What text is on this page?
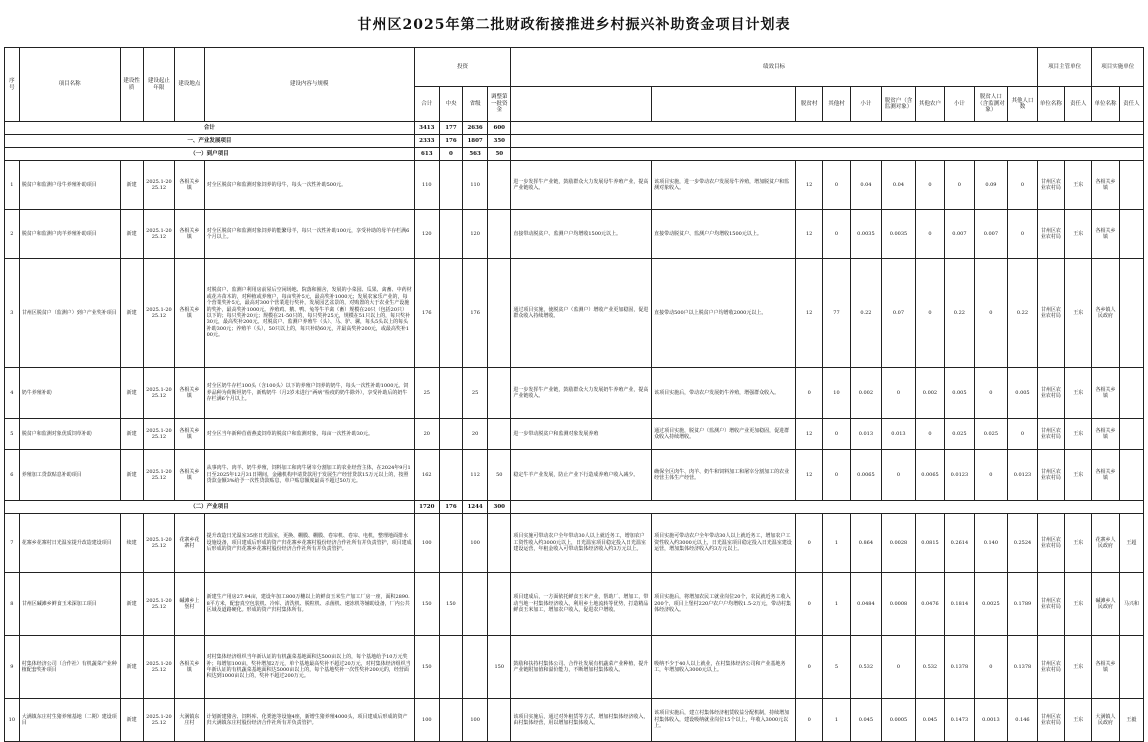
甘州区2025年第二批财政衔接推进乡村振兴补助资金项目计划表
序号	项目名称	建设性质	建设起止年限	建设地点	建设内容与规模	投资				绩效目标										项目主管单位		项目实施单位	
						合计	中央	省级	调整第一批资金			脱贫村	其他村	小计	脱贫户（含监测对象）	其他农户	小计	脱贫人口（含监测对象）	其他人口数	单位名称	责任人	单位名称	责任人
合计						3413	177	2636	600														
一、产业发展项目						2333	176	1807	350														
（一）到户项目						613	0	563	50														
1	脱贫户和监测户母牛养殖补助项目	新建	2025.1-2025.12	各相关乡镇	对全区脱贫户和监测对象饲养的母牛，每头一次性补助500元。	110		110		进一步发挥牛产业链，鼓励群众大力发展母牛养殖产业，提高产业链收入。	该项目实施，进一步带动农户发展母牛养殖，增加脱贫户和监测对象收入。	12	0	0.04	0.04	0	0	0.09	0	甘州区农业农村局	王东	各相关乡镇	
2	脱贫户和监测户肉羊养殖补助项目	新建	2025.1-2025.12	各相关乡镇	对全区脱贫户和监测对象饲养的能繁母羊，每只一次性补助100元，享受补助的母羊存栏满6个月以上。	120		120		直接带动脱贫户、监测户户均增收1500元以上。	直接带动脱贫户、监测户户均增收1500元以上。	12	0	0.0035	0.0035	0	0.007	0.007	0	甘州区农业农村局	王东	各相关乡镇	
3	甘州区脱贫户（监测户）到户产业奖补项目	新建	2025.1-2025.12	各相关乡镇	对脱贫户、监测户利用房前屋后空闲场地、院落和圈舍，发展的小菜园、瓜果、禽畜、中药材或花卉苗木的，对种植或养殖户，每亩奖补5元，最高奖补1000元；发展农家乐产业的，每个营業奖补5元，最高对300个营業进行奖补，发展园艺盆景的，对购置的大于农业生产设施的奖补，最高奖补1000元。养殖鸡、鹅、鸭、兔等牛羊禽（畜）规模在20只（包括20只）以下的；每只奖补20元；规模在21-50只的，每只奖补25元，规模在51只以上的，每只奖补30元，最高奖补200元。对脱贫户、监测户养殖牛（头）、马、驴、骡，每头5头以上的每头补助300元；养殖羊（头），50只以上的，每只补助60元，并最高奖补200元，或最高奖补100元。	176		176		通过项目实施，使脱贫户（监测户）增收产业更加稳固，促进群众收入持续增收。	直接带动500户以上脱贫户户均增收2000元以上。	12	77	0.22	0.07	0	0.22	0	0.22	甘州区农业农村局	王东	各乡镇人民政府	
4	奶牛养殖补助	新建	2025.1-2025.12	各相关乡镇	对全区奶牛存栏100头（含100头）以下的养殖户饲养的奶牛，每头一次性补助1000元。饲养品种为荷斯坦奶牛，新购奶牛（月2岁未进行“两病”检疫的奶牛除外），享受补助后的奶牛存栏满6个月以上。	25		25		进一步发挥牛产业链，鼓励群众大力发展奶牛养殖产业，提高产业链收入。	该项目实施后，带动农户发展奶牛养殖，增强群众收入。	0	10	0.002	0	0.002	0.005	0	0.005	甘州区农业农村局	王东	各相关乡镇	
5	脱贫户和监测对象优质饲草补助	新建	2025.1-2025.12	各相关乡镇	对全区当年新种苜蓿燕麦饲草的脱贫户和监测对象，每亩一次性补助30元。	20		20		进一步带动脱贫户和监测对象发展养殖	通过项目实施，脱贫户（监测户）增收产业更加稳固，促进群众收入持续增收。	12	0	0.013	0.013	0	0.025	0.025	0	甘州区农业农村局	王东	各相关乡镇	
6	养殖加工贷款贴息补助项目	新建	2025.1-2025.12	各相关乡镇	从事肉牛、肉羊、奶牛养殖，饲料加工和肉牛屠宰分割加工的农业经营主体，在2024年9月1日至2025年12月31日期间，金融机构申请贷款用于发展生产经营贷款15万元以上的，按照贷款金额3%给予一次性贷款贴息，单户贴息额度最高不超过50万元。	162		112	50	稳定牛羊产业发展，防止产业下行造成养殖户收入减少。	确保全区肉牛、肉羊、奶牛和饲料加工和屠宰分割加工的农业经营主体生产经营。	12	0	0.0065	0	0.0065	0.0123	0	0.0123	甘州区农业农村局	王东	各相关乡镇	
（二）产业项目						1720	176	1244	300														
7	花寨乡花寨村日光温室提升改造建设项目	续建	2025.1-2025.12	花寨乡花寨村	提升改造日光温室35座日光温室，更换、棚膜、棚膜、卷帘机、卷帘、电机，整理地面排水设施设备，项目建成后形成的资产归花寨乡花寨村股份经济合作社所有并负责管护，项目建成后形成的资产归花寨乡花寨村股份经济合作社所有并负责管护。	100		100		项目实施可带动农户全年带动30人以上就近务工，增加农户工资性收入约3000元以上，日光温室项目稳定投入日光温室建设运营，年租金收入可带动集体经济收入约3万元以上。	项目实施可带动农户全年带动30人以上就近务工，增加农户工资性收入约3000元以上，日光温室项目稳定投入日光温室建设运营，增加集体经济收入约3万元以上。	0	1	0.864	0.0028	0.0815	0.2614	0.140	0.2524	甘州区农业农村局	王东	花寨乡人民政府	王超
8	甘州区碱滩乡鲜食玉米深加工项目	新建	2025.1-2025.12	碱滩乡上堡村	新建生产用房27.94亩，建设年加工800万穗以上的鲜食玉米生产加工厂房一座，面积2890.8平方米，配套真空包装机、冷库、清洗机、脱粒机、杀菌机、速冻机等辅助设备，厂内公共区域及道路硬化。形成的资产归村集体所有。	150	150			项目建成后，一方面依托鲜食玉米产业，帮助厂、增加工，带动当地一村集体经济收入，利用乡土地流转等优势，打造精品鲜食玉米加工，增加农户收入，促进农户增收。	项目实施后，将增加农民工就业岗位20个，农民就近务工收入200个，项目上堡村220户农户户均增收1.5-2万元，带动村集体经济收入。	0	1	0.0484	0.0008	0.0476	0.1814	0.0025	0.1789	甘州区农业农村局	王东	碱滩乡人民政府	马兴和
9	村集体经济公司（合作社）有机蔬菜产业种植配套奖补项目	新建	2025.1-2025.12	各相关乡镇	对村集体经济组织当年新认证的有机蔬菜基地面积达500亩以上的，每个基地给予10万元奖补；每增加100亩，奖补增加2万元，单个基地最高奖补不超过20万元，对村集体经济组织当年新认证的有机蔬菜基地面积达5000亩以上的，每个基地奖补一次性奖补200元的，经营面积达到1000亩以上的，奖补不超过200万元。	150			150	鼓励和扶持村集体公司、合作社发展有机蔬菜产业种植，提升产业链附加值和溢价能力，不断增加村集体收入。	吸纳不少于40人以上就业，在村集体经济公司和产业基地务工，年增加收入3000元以上。	0	5	0.532	0	0.532	0.1378	0	0.1378	甘州区农业农村局	王东	各相关乡镇	
10	大满镇东庄村生猪养殖基地（二期）建设项目	新建	2025.1-2025.12	大满镇东庄村	计划新建猪舍、饲料库、化粪池等设施4座，新增生猪养殖4000头，项目建成后形成的资产归大满镇东庄村股份经济合作社所有并负责管护。	100		100		该项目实施后，通过对外租赁等方式，增加村集体经济收入，由村集体经营，用以增加村集体收入。	该项目实施后，建立村集体经济租赁收益分配机制，持续增加村集体收入，建设吸纳就业岗位15个以上，年收入3000元以上。	0	1	0.045	0.0005	0.045	0.1473	0.0013	0.146	甘州区农业农村局	王东	大满镇人民政府	王毅
